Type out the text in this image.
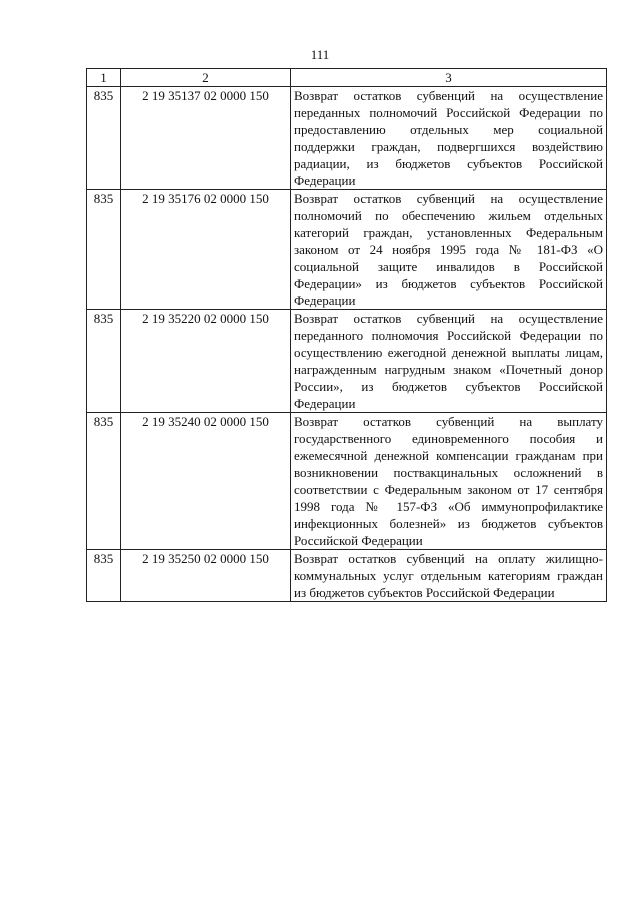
111
1	2	3
835	2 19 35137 02 0000 150	Возврат остатков субвенций на осуществление переданных полномочий Российской Федерации по предоставлению отдельных мер социальной поддержки граждан, подвергшихся воздействию радиации, из бюджетов субъектов Российской Федерации
835	2 19 35176 02 0000 150	Возврат остатков субвенций на осуществление полномочий по обеспечению жильем отдельных категорий граждан, установленных Федеральным законом от 24 ноября 1995 года № 181-ФЗ «О социальной защите инвалидов в Российской Федерации» из бюджетов субъектов Российской Федерации
835	2 19 35220 02 0000 150	Возврат остатков субвенций на осуществление переданного полномочия Российской Федерации по осуществлению ежегодной денежной выплаты лицам, награжденным нагрудным знаком «Почетный донор России», из бюджетов субъектов Российской Федерации
835	2 19 35240 02 0000 150	Возврат остатков субвенций на выплату государственного единовременного пособия и ежемесячной денежной компенсации гражданам при возникновении поствакцинальных осложнений в соответствии с Федеральным законом от 17 сентября 1998 года № 157-ФЗ «Об иммунопрофилактике инфекционных болезней» из бюджетов субъектов Российской Федерации
835	2 19 35250 02 0000 150	Возврат остатков субвенций на оплату жилищно-коммунальных услуг отдельным категориям граждан из бюджетов субъектов Российской Федерации
